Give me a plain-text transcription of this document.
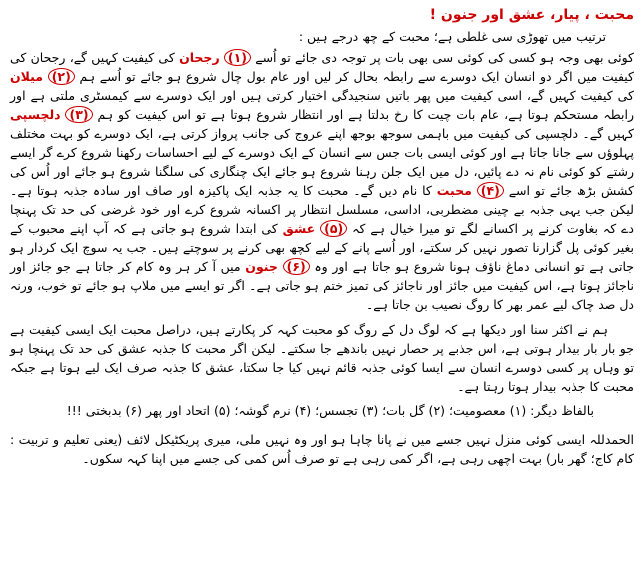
محبت ، پیار، عشق اور جنون !
ترتیب میں تھوڑی سی غلطی ہے؛ محبت کے چھ درجے ہیں :

کوئی بھی وجہ ہو کسی کی کوئی سی بھی بات پر توجہ دی جائے تو اُسے (۱) رجحان کی کیفیت کہیں گے، رجحان کی کیفیت میں اگر دو انسان ایک دوسرے سے رابطہ بحال کر لیں اور عام بول چال شروع ہو جائے تو اُسے ہم (۲) میلان کی کیفیت کہیں گے، اسی کیفیت میں پھر باتیں سنجیدگی اختیار کرتی ہیں اور ایک دوسرے سے کیمسٹری ملتی ہے اور رابطہ مستحکم ہوتا ہے، عام بات چیت کا رخ بدلتا ہے اور انتظار شروع ہوتا ہے تو اس کیفیت کو ہم (۳) دلچسپی کہیں گے۔ دلچسپی کی کیفیت میں باہمی سوجھ بوجھ اپنے عروج کی جانب پرواز کرتی ہے، ایک دوسرے کو بہت مختلف پہلوؤں سے جانا جاتا ہے اور کوئی ایسی بات جس سے انسان کے ایک دوسرے کے لیے احساسات رکھنا شروع کرے گر ایسے رشتے کو کوئی نام نہ دے پائیں، دل میں ایک جلن رہنا شروع ہو جائے ایک چنگاری کی سلگنا شروع ہو جائے اور اُس کی کشش بڑھ جائے تو اسے (۴) محبت کا نام دیں گے۔ محبت کا یہ جذبہ ایک پاکیزہ اور صاف اور سادہ جذبہ ہوتا ہے۔ لیکن جب یہی جذبہ بے چینی مضطربی، اداسی، مسلسل انتظار پر اکسانہ شروع کرے اور خود غرضی کی حد تک پہنچا دے کہ بغاوت کرنے پر اکسانے لگے تو میرا خیال ہے کہ (۵) عشق کی ابتدا شروع ہو جاتی ہے کہ آپ اپنے محبوب کے بغیر کوئی پل گزارنا تصور نہیں کر سکتے، اور اُسے پانے کے لیے کچھ بھی کرنے پر سوچتے ہیں۔ جب یہ سوچ ایک کردار ہو جاتی ہے تو انسانی دماغ ناؤف ہونا شروع ہو جاتا ہے اور وہ (۶) جنون میں آ کر ہر وہ کام کر جاتا ہے جو جائز اور ناجائز ہوتا ہے، اس کیفیت میں جائز اور ناجائز کی تمیز ختم ہو جاتی ہے۔ اگر تو ایسے میں ملاپ ہو جائے تو خوب، ورنہ دل صد چاک لیے عمر بھر کا روگ نصیب بن جاتا ہے۔

ہم نے اکثر سنا اور دیکھا ہے کہ لوگ دل کے روگ کو محبت کہہ کر پکارتے ہیں، دراصل محبت ایک ایسی کیفیت ہے جو بار بار بیدار ہوتی ہے، اس جذبے پر حصار نہیں باندھے جا سکتے۔ لیکن اگر محبت کا جذبہ عشق کی حد تک پہنچا ہو تو وہاں پر کسی دوسرے انسان سے ایسا کوئی جذبہ قائم نہیں کیا جا سکتا، عشق کا جذبہ صرف ایک لیے ہوتا ہے جبکہ محبت کا جذبہ بیدار ہوتا رہتا ہے۔

بالفاظ دیگر: (۱) معصومیت؛ (۲) گل بات؛ (۳) تجسس؛ (۴) نرم گوشہ؛ (۵) اتحاد اور پھر (۶) بدبختی !!!

الحمدللہ ایسی کوئی منزل نہیں جسے میں نے پانا چاہا ہو اور وہ نہیں ملی، میری پریکٹیکل لائف (یعنی تعلیم و تربیت : کام کاج؛ گھر بار) بہت اچھی رہی ہے، اگر کمی رہی ہے تو صرف اُس کمی کی جسے میں اپنا کہہ سکوں۔
